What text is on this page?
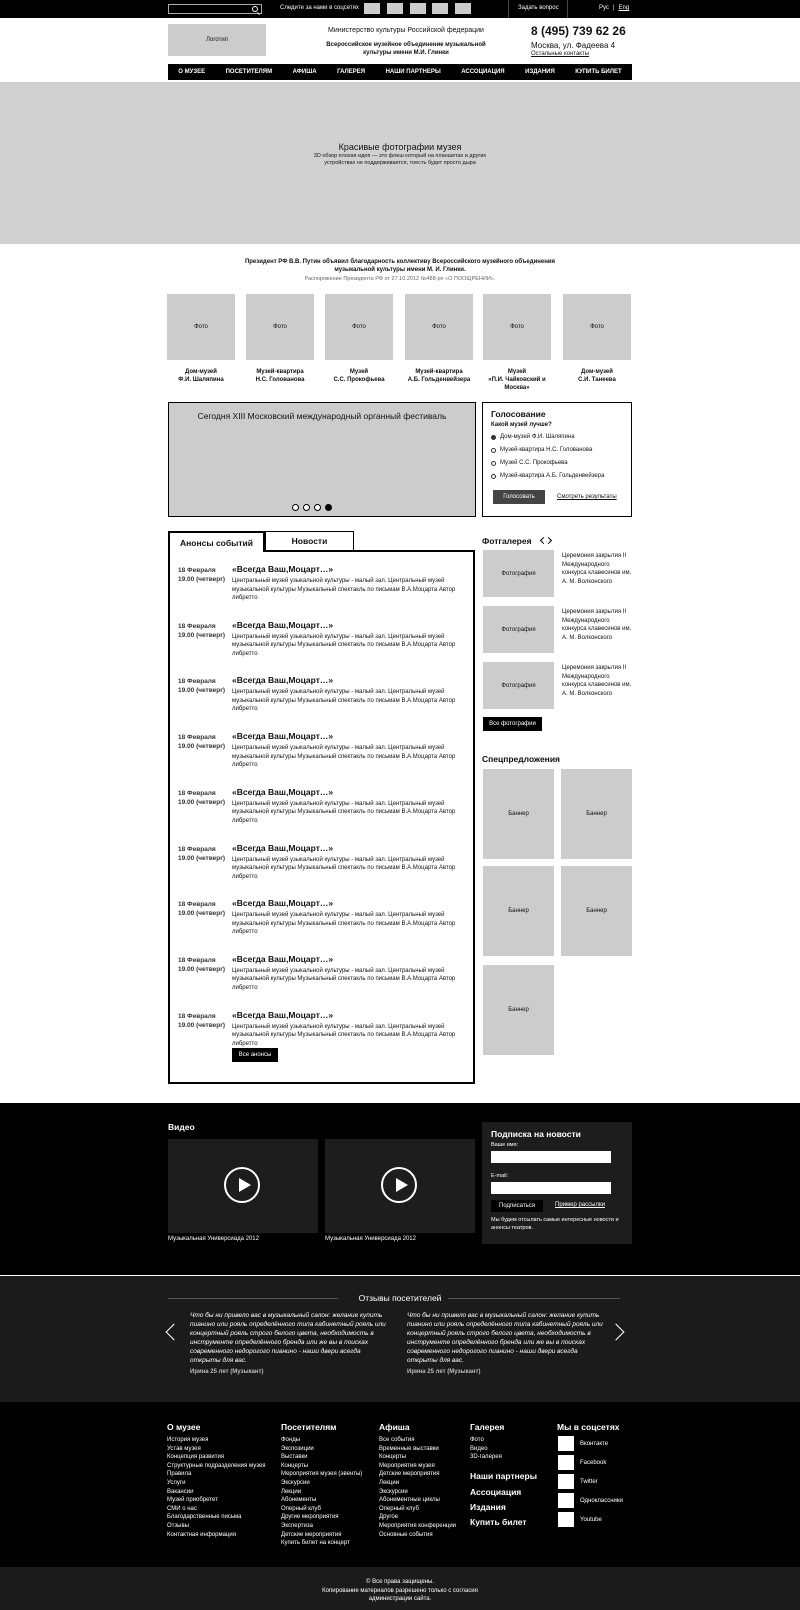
Следите за нами в соцсетях	Задать вопрос	Рус | Eng
Логотип
Министерство культуры Российской федерации
Всероссийское музейное объединение музыкальной культуры имени М.И. Глинки
8 (495) 739 62 26
Москва, ул. Фадеева 4
Остальные контакты
О МУЗЕЕ	ПОСЕТИТЕЛЯМ	АФИША	ГАЛЕРЕЯ	НАШИ ПАРТНЕРЫ	АССОЦИАЦИЯ	ИЗДАНИЯ	КУПИТЬ БИЛЕТ
Красивые фотографии музея
3D обзор плохая идея — это флеш который на планшетах и других устройствах не поддерживается, тоесть будет просто дыра
Президент РФ В.В. Путин объявил благодарность коллективу Всероссийского музейного объединения музыкальной культуры имени М. И. Глинки.
Распоряжение Президента РФ от 27.10.2012 №488-рп «О ПООЩРЕНИИ».
Фото
Дом-музей
Ф.И. Шаляпина
Фото
Музей-квартира
Н.С. Голованова
Фото
Музей
С.С. Прокофьева
Фото
Музей-квартира
А.Б. Гольденвейзера
Фото
Музей
«П.И. Чайковский и
Москва»
Фото
Дом-музей
С.И. Танеева
Сегодня XIII Московский международный органный фестиваль	Голосование
Какой музей лучше?
Дом-музей Ф.И. Шаляпина
Музей-квартира Н.С. Голованова
Музей С.С. Прокофьева
Музей-квартира А.Б. Гольденвейзера
Голосовать	Смотреть результаты
Анонсы событий	Новости
18 Февраля
19.00 (четверг)
«Всегда Ваш,Моцарт…»
Центральный музей узыкальной культуры - малый зал. Центральный музей музыкальной культуры Музыкальный спектакль по письмам В.А.Моцарта Автор либретто
18 Февраля
19.00 (четверг)
«Всегда Ваш,Моцарт…»
Центральный музей узыкальной культуры - малый зал. Центральный музей музыкальной культуры Музыкальный спектакль по письмам В.А.Моцарта Автор либретто
18 Февраля
19.00 (четверг)
«Всегда Ваш,Моцарт…»
Центральный музей узыкальной культуры - малый зал. Центральный музей музыкальной культуры Музыкальный спектакль по письмам В.А.Моцарта Автор либретто
18 Февраля
19.00 (четверг)
«Всегда Ваш,Моцарт…»
Центральный музей узыкальной культуры - малый зал. Центральный музей музыкальной культуры Музыкальный спектакль по письмам В.А.Моцарта Автор либретто
18 Февраля
19.00 (четверг)
«Всегда Ваш,Моцарт…»
Центральный музей узыкальной культуры - малый зал. Центральный музей музыкальной культуры Музыкальный спектакль по письмам В.А.Моцарта Автор либретто
18 Февраля
19.00 (четверг)
«Всегда Ваш,Моцарт…»
Центральный музей узыкальной культуры - малый зал. Центральный музей музыкальной культуры Музыкальный спектакль по письмам В.А.Моцарта Автор либретто
18 Февраля
19.00 (четверг)
«Всегда Ваш,Моцарт…»
Центральный музей узыкальной культуры - малый зал. Центральный музей музыкальной культуры Музыкальный спектакль по письмам В.А.Моцарта Автор либретто
18 Февраля
19.00 (четверг)
«Всегда Ваш,Моцарт…»
Центральный музей узыкальной культуры - малый зал. Центральный музей музыкальной культуры Музыкальный спектакль по письмам В.А.Моцарта Автор либретто
18 Февраля
19.00 (четверг)
«Всегда Ваш,Моцарт…»
Центральный музей узыкальной культуры - малый зал. Центральный музей музыкальной культуры Музыкальный спектакль по письмам В.А.Моцарта Автор либретто
Все анонсы
Фотгалерея
Фотография
Церемония закрытия II Международного конкурса клавесинов им. А. М. Волконского
Фотография
Церемония закрытия II Международного конкурса клавесинов им. А. М. Волконского
Фотография
Церемония закрытия II Международного конкурса клавесинов им. А. М. Волконского
Все фотографии
Спецпредложения
Баннер	Баннер
Баннер	Баннер
Баннер
Видео
Музыкальная Универсиада 2012	Музыкальная Универсиада 2012
Подписка на новости
Ваше имя:
E-mail:
Подписаться	Пример рассылки
Мы будем отсылать самые интересные новости и анонсы театров.
Отзывы посетителей
Что бы ни привело вас в музыкальный салон: желание купить пианино или рояль определённого типа кабинетный рояль или концертный рояль строго белого цвета, необходимость в инструменте определённого бренда или же вы в поисках современного недорогого пианино - наши двери всегда открыты для вас.
Ирина 25 лет (Музыкант)
Что бы ни привело вас в музыкальный салон: желание купить пианино или рояль определённого типа кабинетный рояль или концертный рояль строго белого цвета, необходимость в инструменте определённого бренда или же вы в поисках современного недорогого пианино - наши двери всегда открыты для вас.
Ирина 25 лет (Музыкант)
О музее
История музея
Устав музея
Концепция развития
Структурные подразделения музея
Правила
Услуги
Вакансии
Музей приобретет
СМИ о нас
Благодарственные письма
Отзывы
Контактная информация
Посетителям
Фонды
Экспозиции
Выставки
Концерты
Мероприятия музея (эвенты)
Экскурсии
Лекции
Абонементы
Оперный клуб
Другие мероприятия
Экспертиза
Детские мероприятия
Купить билет на концерт
Афиша
Все события
Временные выставки
Концерты
Мероприятия музея
Детские мероприятия
Лекции
Экскурсии
Абонементные циклы
Оперный клуб
Другое
Мероприятия конференции
Основные события
Галерея
Фото
Видео
3D-галерея
Наши партнеры
Ассоциация
Издания
Купить билет
Мы в соцсетях
Вконтакте
Facebook
Twitter
Одноклассники
Youtube
© Все права защищены.
Копирование материалов разрешено только с согласия
администрации сайта.
